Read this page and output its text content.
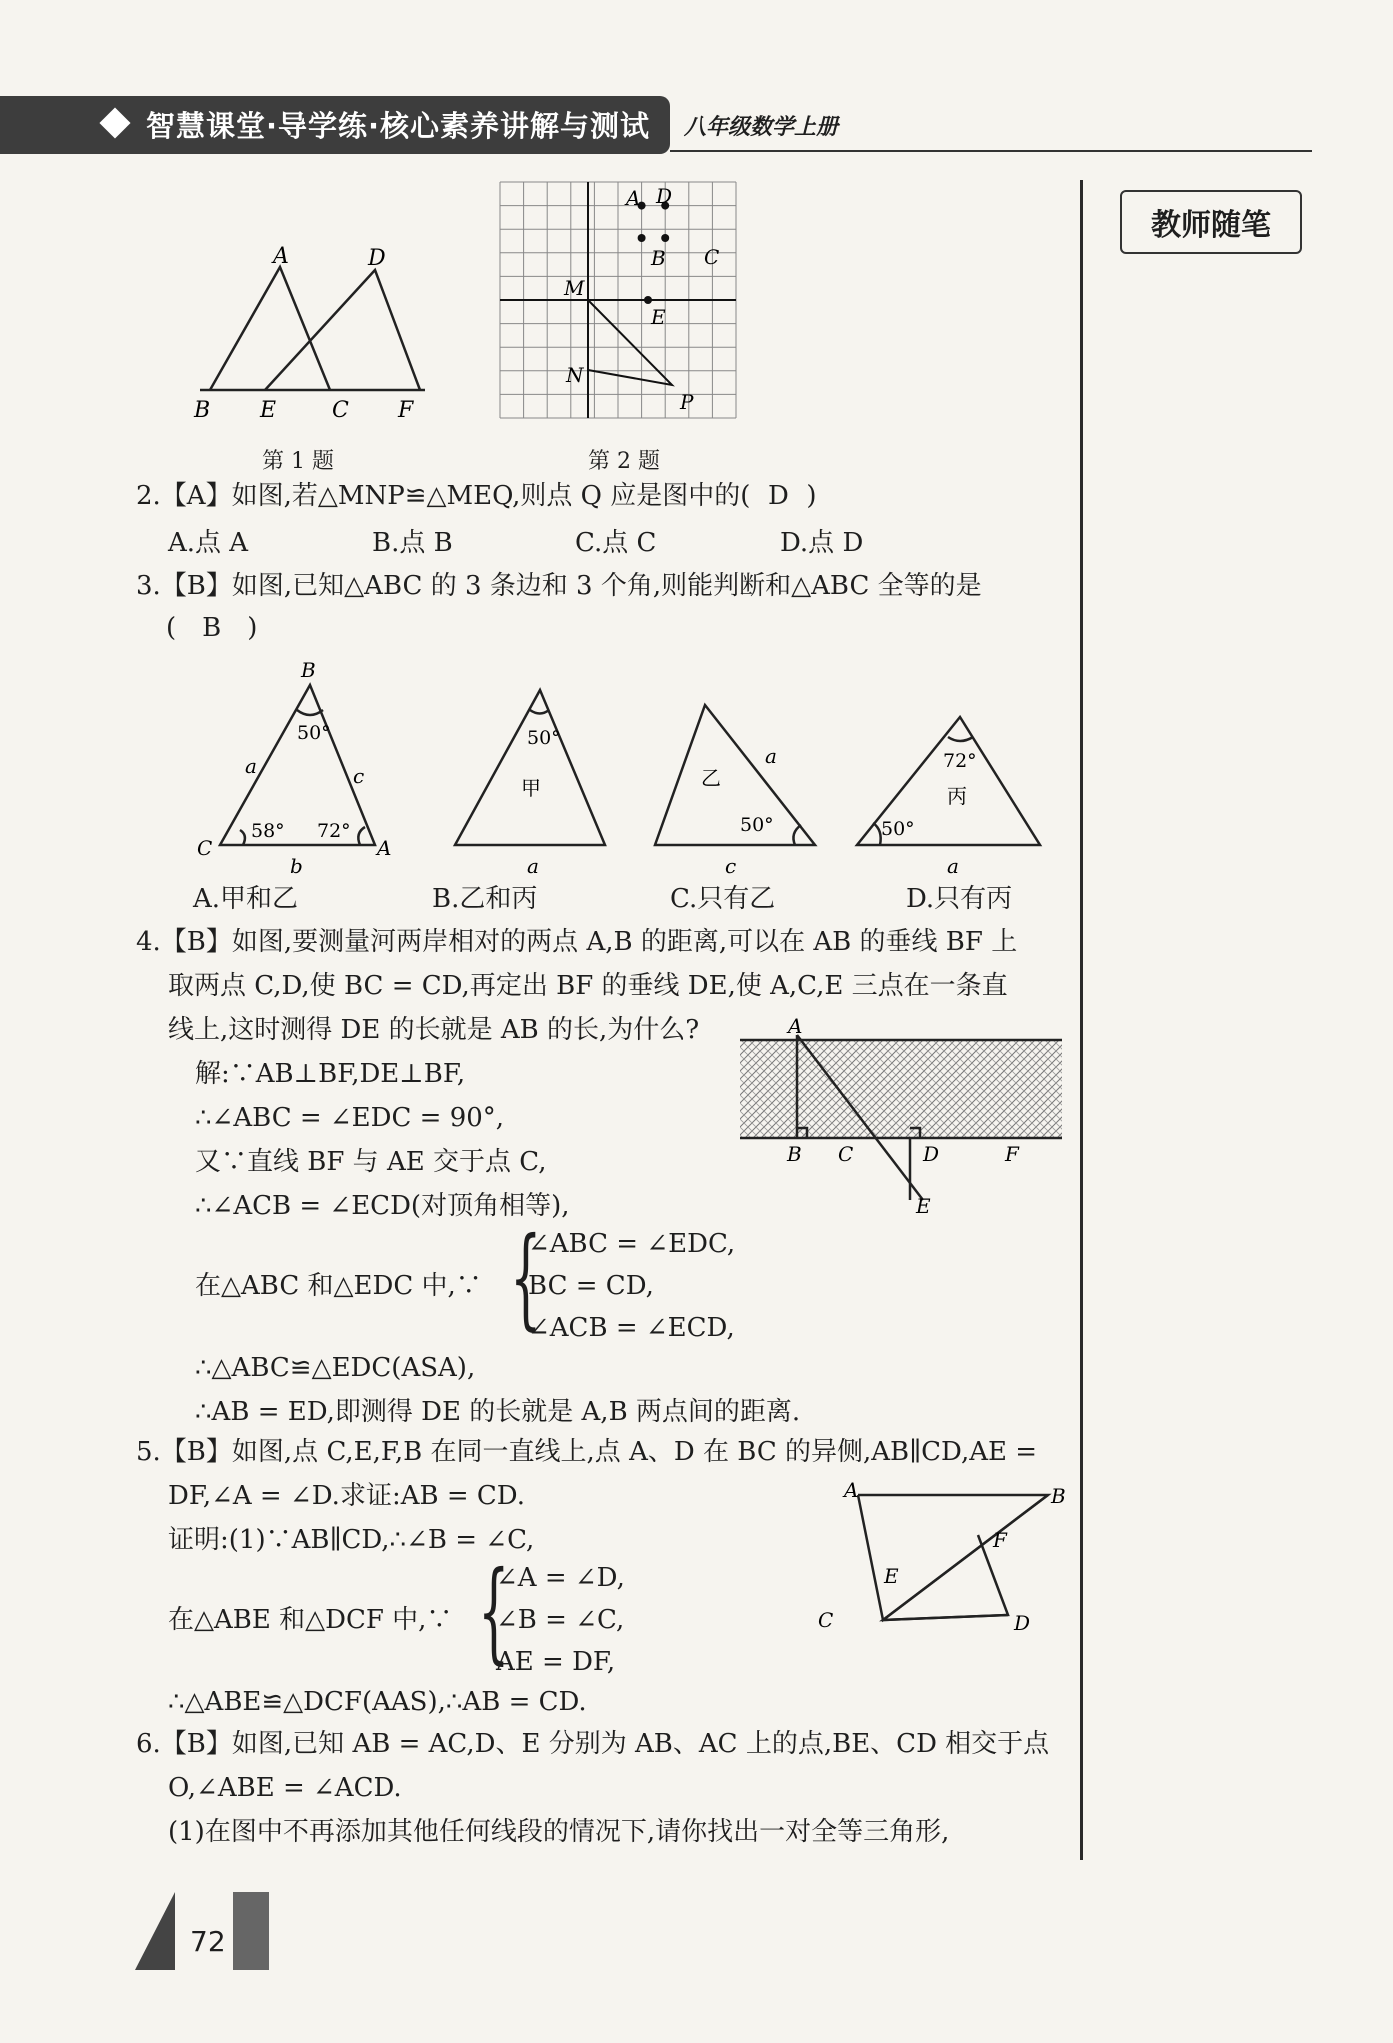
智慧课堂·导学练·核心素养讲解与测试 八年级数学上册
教师随笔
A	D
B E	C F
第 1 题
A D
B C
M
E
N
P
第 2 题
2.【A】如图,若△MNP≌△MEQ,则点 Q 应是图中的( D )
A.点 A	B.点 B	C.点 C	D.点 D
3.【B】如图,已知△ABC 的 3 条边和 3 个角,则能判断和△ABC 全等的是
(　B　)
B
C	A
a
b
c
50°
58° 72°
50°
甲
a
乙
a
c
50°
72°
丙
50°
a
A.甲和乙	B.乙和丙	C.只有乙	D.只有丙
4.【B】如图,要测量河两岸相对的两点 A,B 的距离,可以在 AB 的垂线 BF 上
取两点 C,D,使 BC = CD,再定出 BF 的垂线 DE,使 A,C,E 三点在一条直
线上,这时测得 DE 的长就是 AB 的长,为什么?	A
B C	D	F
E
解:∵AB⊥BF,DE⊥BF,
∴∠ABC = ∠EDC = 90°,
又∵直线 BF 与 AE 交于点 C,
∴∠ACB = ∠ECD(对顶角相等),
在△ABC 和△EDC 中,∵ {
∠ABC = ∠EDC,
BC = CD,
∠ACB = ∠ECD,
∴△ABC≌△EDC(ASA),
∴AB = ED,即测得 DE 的长就是 A,B 两点间的距离.
5.【B】如图,点 C,E,F,B 在同一直线上,点 A、D 在 BC 的异侧,AB∥CD,AE =
DF,∠A = ∠D.求证:AB = CD.	A	B
F
E
C	D
证明:(1)∵AB∥CD,∴∠B = ∠C,
在△ABE 和△DCF 中,∵ {
∠A = ∠D,
∠B = ∠C,
AE = DF,
∴△ABE≌△DCF(AAS),∴AB = CD.
6.【B】如图,已知 AB = AC,D、E 分别为 AB、AC 上的点,BE、CD 相交于点
O,∠ABE = ∠ACD.
(1)在图中不再添加其他任何线段的情况下,请你找出一对全等三角形,
72
